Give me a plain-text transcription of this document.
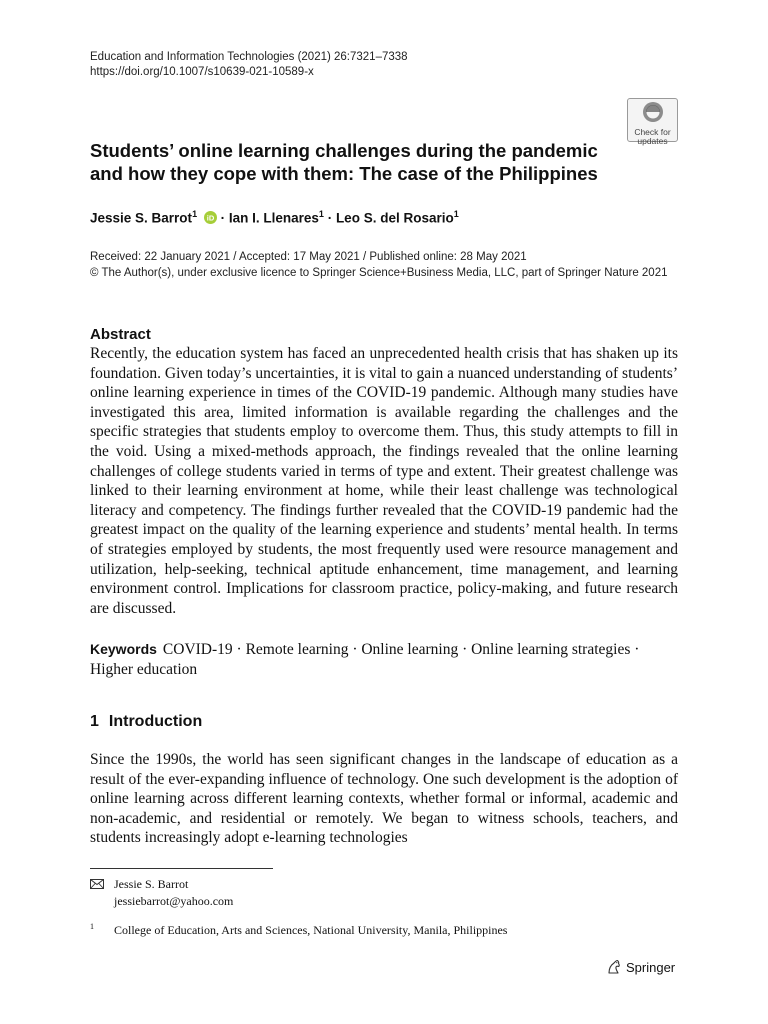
Education and Information Technologies (2021) 26:7321–7338
https://doi.org/10.1007/s10639-021-10589-x
Check for
updates
Students’ online learning challenges during the pandemic and how they cope with them: The case of the Philippines
Jessie S. Barrot$^1$ iD · Ian I. Llenares$^1$ · Leo S. del Rosario$^1$
Received: 22 January 2021 / Accepted: 17 May 2021 / Published online: 28 May 2021
© The Author(s), under exclusive licence to Springer Science+Business Media, LLC, part of Springer Nature 2021
Abstract
Recently, the education system has faced an unprecedented health crisis that has shaken up its foundation. Given today’s uncertainties, it is vital to gain a nuanced understanding of students’ online learning experience in times of the COVID-19 pandemic. Although many studies have investigated this area, limited information is available regarding the challenges and the specific strategies that students employ to overcome them. Thus, this study attempts to fill in the void. Using a mixed-methods approach, the findings revealed that the online learning challenges of college students varied in terms of type and extent. Their greatest challenge was linked to their learning environment at home, while their least challenge was technological literacy and competency. The findings further revealed that the COVID-19 pandemic had the greatest impact on the quality of the learning experience and students’ mental health. In terms of strategies employed by students, the most frequently used were resource management and utilization, help-seeking, technical aptitude enhancement, time management, and learning environment control. Implications for classroom practice, policy-making, and future research are discussed.
Keywords COVID-19 · Remote learning · Online learning · Online learning strategies · Higher education
1 Introduction
Since the 1990s, the world has seen significant changes in the landscape of education as a result of the ever-expanding influence of technology. One such development is the adoption of online learning across different learning contexts, whether formal or informal, academic and non-academic, and residential or remotely. We began to witness schools, teachers, and students increasingly adopt e-learning technologies
Jessie S. Barrot
jessiebarrot@yahoo.com
$^1$ College of Education, Arts and Sciences, National University, Manila, Philippines
Springer
